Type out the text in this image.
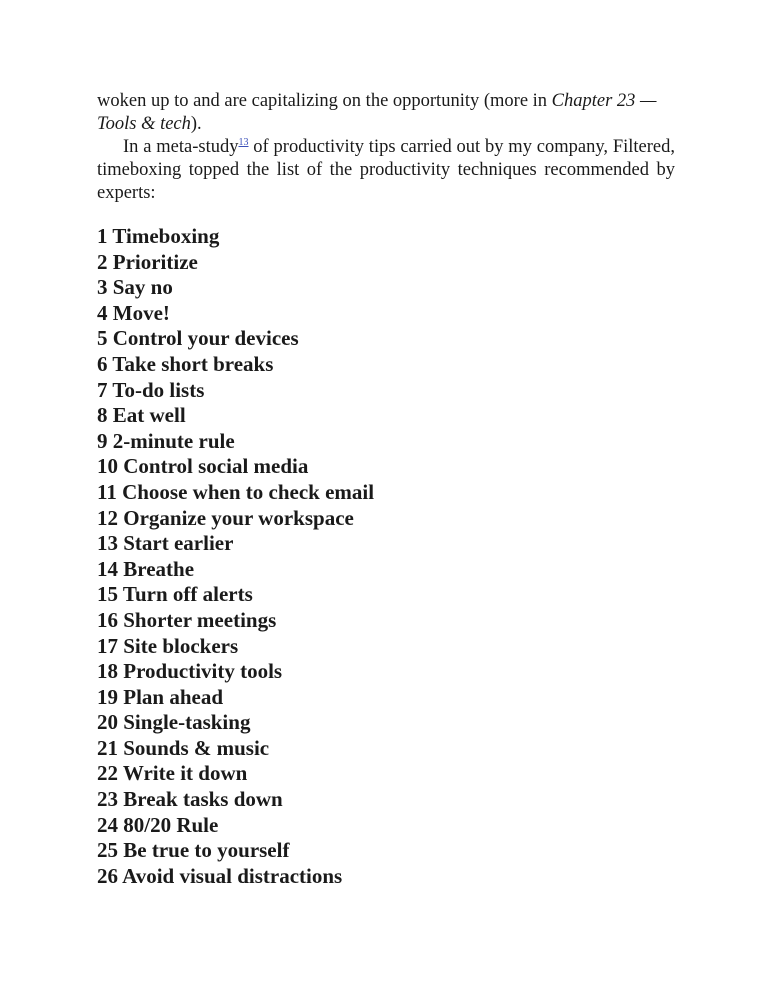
woken up to and are capitalizing on the opportunity (more in Chapter 23 — Tools & tech).

In a meta-study$^{13}$ of productivity tips carried out by my company, Filtered, timeboxing topped the list of the productivity techniques recommended by experts:

1 Timeboxing
2 Prioritize
3 Say no
4 Move!
5 Control your devices
6 Take short breaks
7 To-do lists
8 Eat well
9 2-minute rule
10 Control social media
11 Choose when to check email
12 Organize your workspace
13 Start earlier
14 Breathe
15 Turn off alerts
16 Shorter meetings
17 Site blockers
18 Productivity tools
19 Plan ahead
20 Single-tasking
21 Sounds & music
22 Write it down
23 Break tasks down
24 80/20 Rule
25 Be true to yourself
26 Avoid visual distractions
